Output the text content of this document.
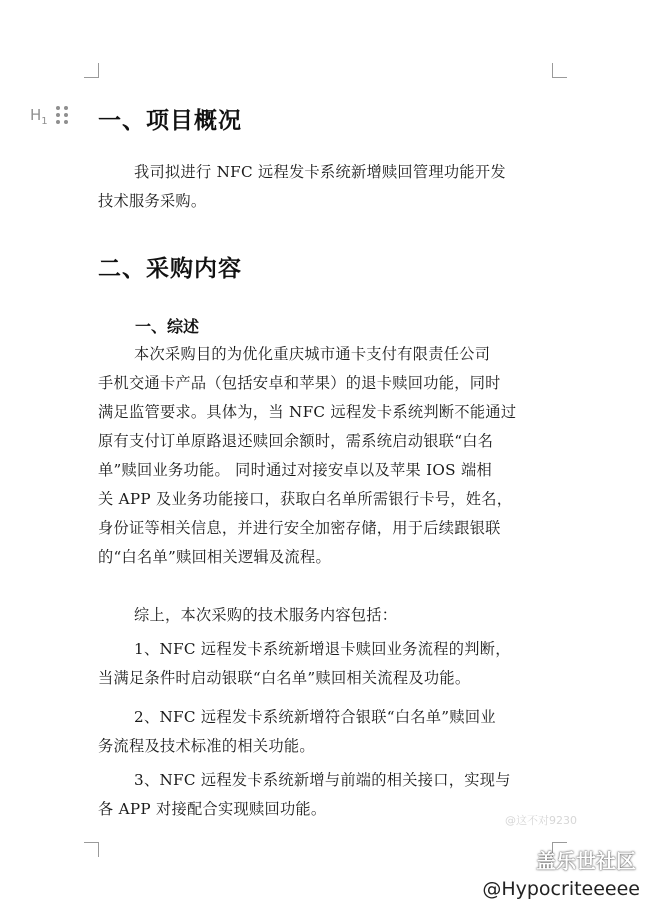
$H_1$ 一、项目概况
我司拟进行 NFC 远程发卡系统新增赎回管理功能开发
技术服务采购。
二、采购内容
一、综述
本次采购目的为优化重庆城市通卡支付有限责任公司
手机交通卡产品（包括安卓和苹果）的退卡赎回功能，同时
满足监管要求。具体为，当 NFC 远程发卡系统判断不能通过
原有支付订单原路退还赎回余额时，需系统启动银联“白名
单”赎回业务功能。 同时通过对接安卓以及苹果 IOS 端相
关 APP 及业务功能接口，获取白名单所需银行卡号，姓名，
身份证等相关信息，并进行安全加密存储，用于后续跟银联
的“白名单”赎回相关逻辑及流程。
综上，本次采购的技术服务内容包括：
1、NFC 远程发卡系统新增退卡赎回业务流程的判断，
当满足条件时启动银联“白名单”赎回相关流程及功能。
2、NFC 远程发卡系统新增符合银联“白名单”赎回业
务流程及技术标准的相关功能。
3、NFC 远程发卡系统新增与前端的相关接口，实现与
各 APP 对接配合实现赎回功能。
@这不对9230
盖乐世社区
@Hypocriteeeee
